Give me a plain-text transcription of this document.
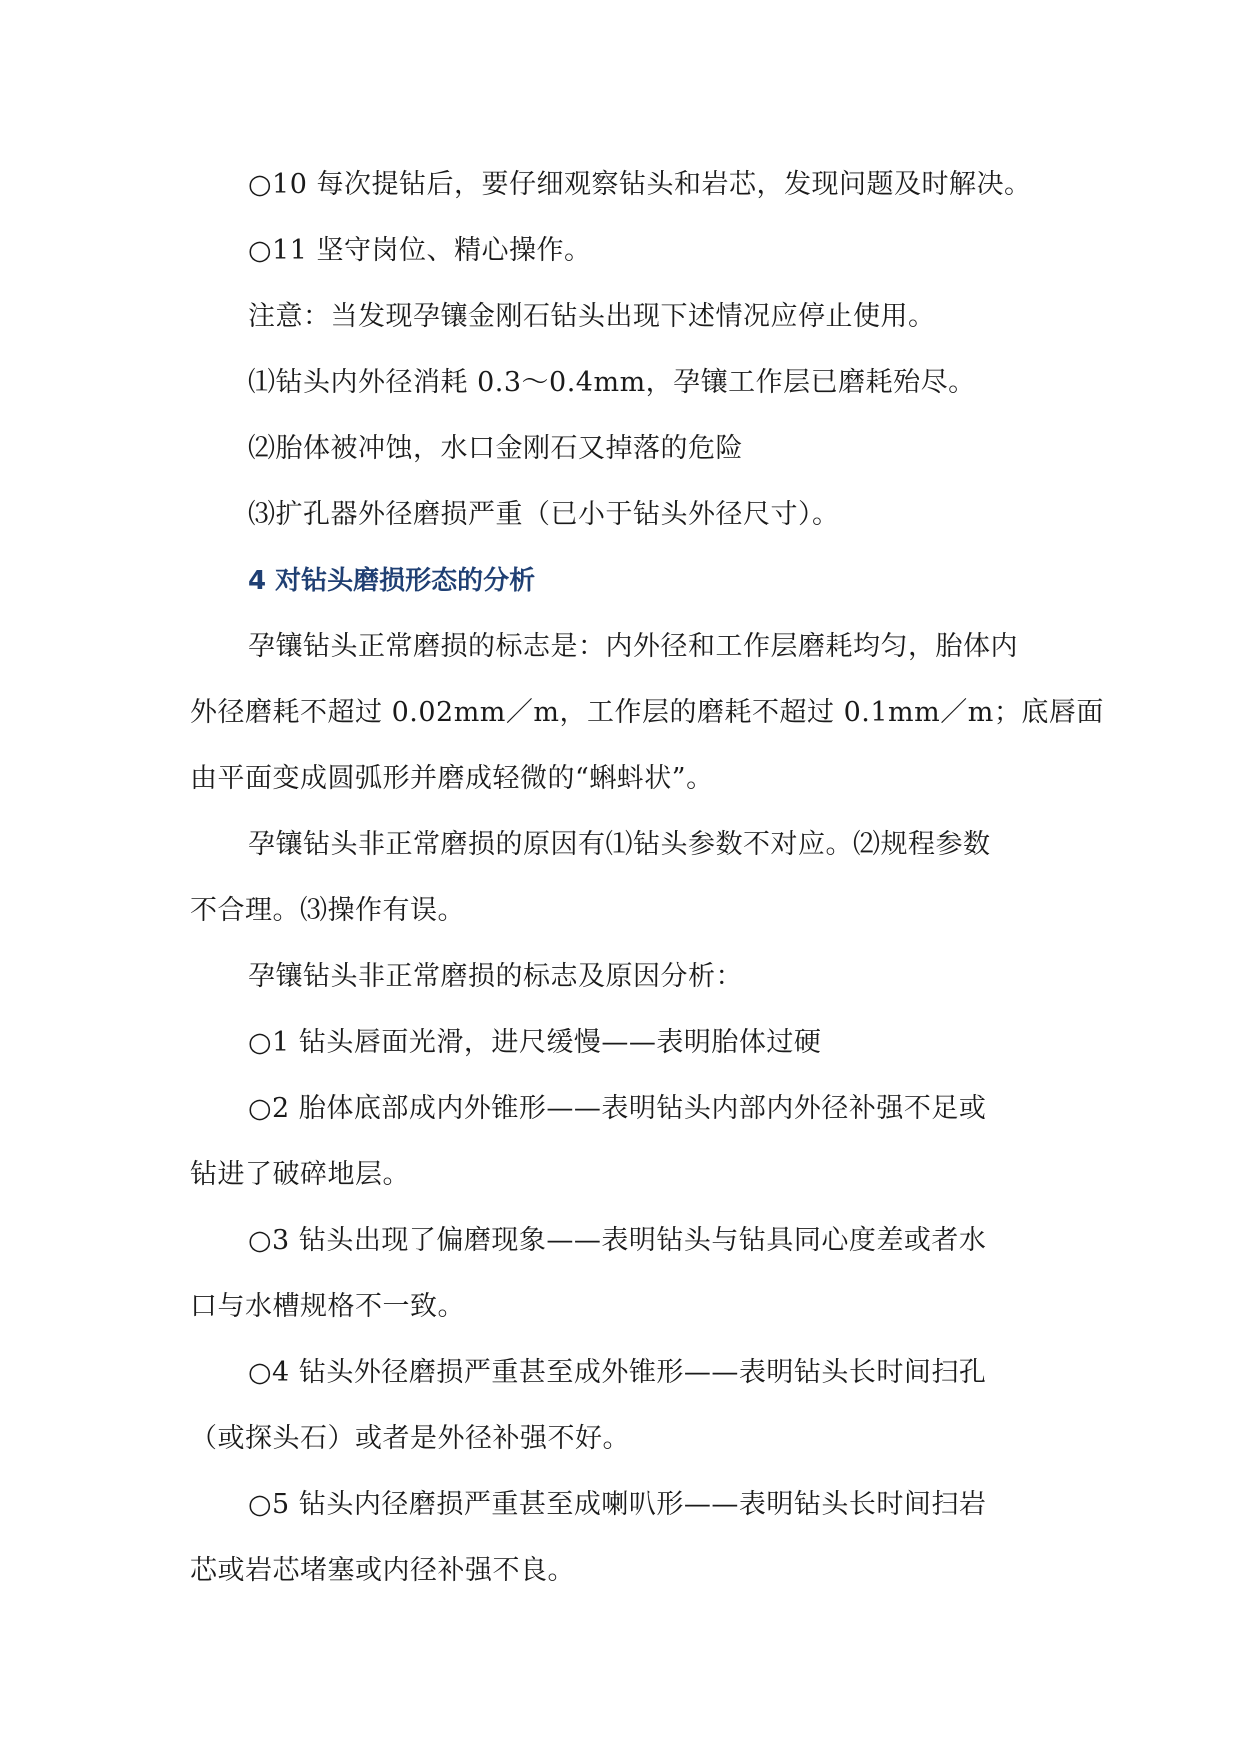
○10 每次提钻后，要仔细观察钻头和岩芯，发现问题及时解决。
○11 坚守岗位、精心操作。
注意：当发现孕镶金刚石钻头出现下述情况应停止使用。
⑴钻头内外径消耗 0.3～0.4mm，孕镶工作层已磨耗殆尽。
⑵胎体被冲蚀，水口金刚石又掉落的危险
⑶扩孔器外径磨损严重（已小于钻头外径尺寸）。
4 对钻头磨损形态的分析
孕镶钻头正常磨损的标志是：内外径和工作层磨耗均匀，胎体内
外径磨耗不超过 0.02mm／m，工作层的磨耗不超过 0.1mm／m；底唇面
由平面变成圆弧形并磨成轻微的“蝌蚪状”。
孕镶钻头非正常磨损的原因有⑴钻头参数不对应。⑵规程参数
不合理。⑶操作有误。
孕镶钻头非正常磨损的标志及原因分析：
○1 钻头唇面光滑，进尺缓慢——表明胎体过硬
○2 胎体底部成内外锥形——表明钻头内部内外径补强不足或
钻进了破碎地层。
○3 钻头出现了偏磨现象——表明钻头与钻具同心度差或者水
口与水槽规格不一致。
○4 钻头外径磨损严重甚至成外锥形——表明钻头长时间扫孔
（或探头石）或者是外径补强不好。
○5 钻头内径磨损严重甚至成喇叭形——表明钻头长时间扫岩
芯或岩芯堵塞或内径补强不良。
